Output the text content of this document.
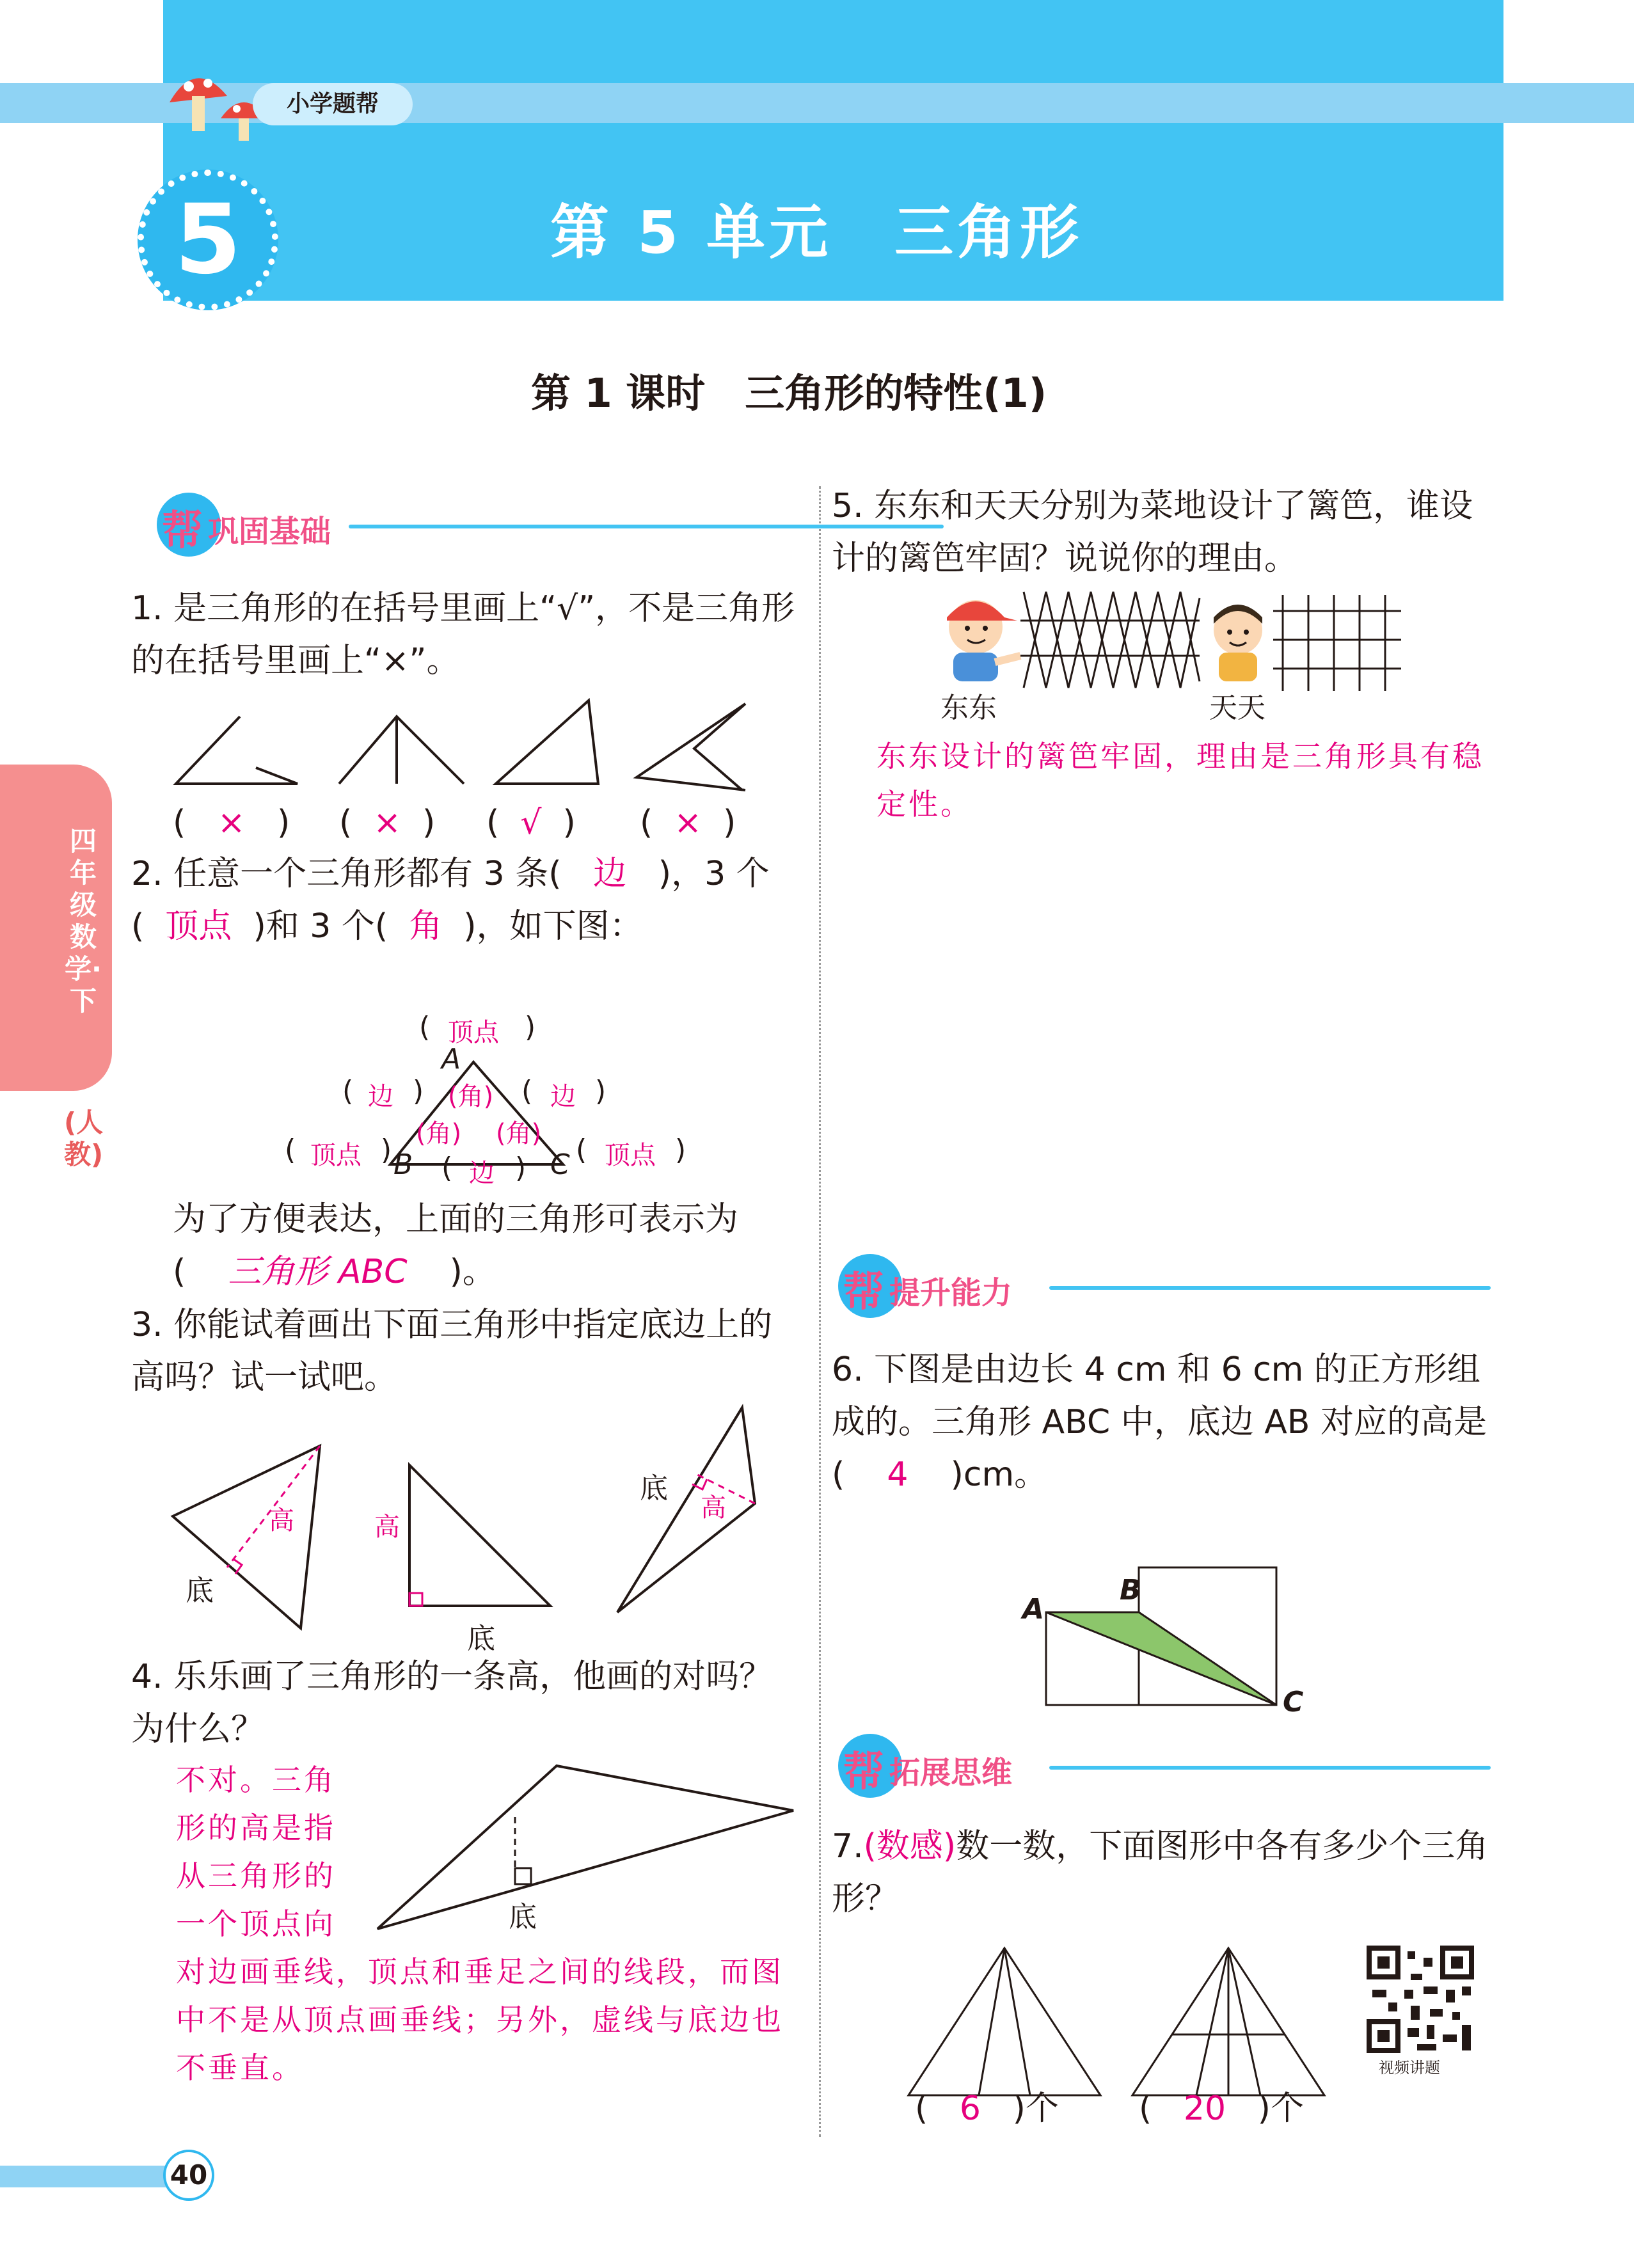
小学题帮
5	第 5 单元　三角形
第 1 课时　三角形的特性(1)
四年级数学·下
(人教)
帮 巩固基础
1. 是三角形的在括号里画上“√”，不是三角形的在括号里画上“×”。
(   ×   ) (  ×  ) (  √  ) (  ×  )
2. 任意一个三角形都有 3 条( 边 )，3 个( 顶点 )和 3 个( 角 )，如下图：
( 顶点 )
A
( 边 ) (角) ( 边 )
(角) (角)
( 顶点 ) B ( 边 ) C ( 顶点 )
为了方便表达，上面的三角形可表示为( 三角形 ABC )。
3. 你能试着画出下面三角形中指定底边上的高吗？试一试吧。
高
底
高
底
底
高
4. 乐乐画了三角形的一条高，他画的对吗？为什么？
不对。三角
形的高是指
从三角形的
一个顶点向	底
对边画垂线，顶点和垂足之间的线段，而图中不是从顶点画垂线；另外，虚线与底边也不垂直。
5. 东东和天天分别为菜地设计了篱笆，谁设计的篱笆牢固？说说你的理由。
东东	天天
东东设计的篱笆牢固，理由是三角形具有稳定性。
帮 提升能力
6. 下图是由边长 4 cm 和 6 cm 的正方形组成的。三角形 ABC 中，底边 AB 对应的高是( 4 )cm。
A
B
C
帮 拓展思维
7.(数感)数一数，下面图形中各有多少个三角形？
( 6 )个 ( 20 )个
视频讲题
40
